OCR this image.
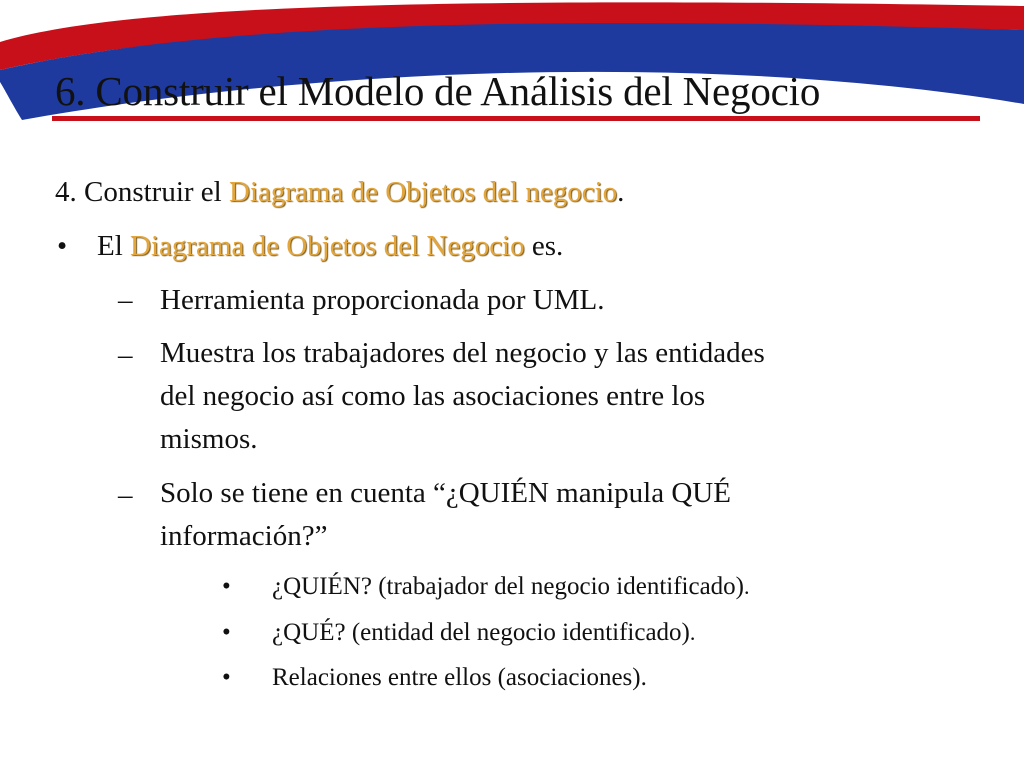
6. Construir el Modelo de Análisis del Negocio

4. Construir el Diagrama de Objetos del negocio.

• El Diagrama de Objetos del Negocio es.

– Herramienta proporcionada por UML.

– Muestra los trabajadores del negocio y las entidades

del negocio así como las asociaciones entre los

mismos.

– Solo se tiene en cuenta “¿QUIÉN manipula QUÉ

información?”

• ¿QUIÉN? (trabajador del negocio identificado).

• ¿QUÉ? (entidad del negocio identificado).

• Relaciones entre ellos (asociaciones).
